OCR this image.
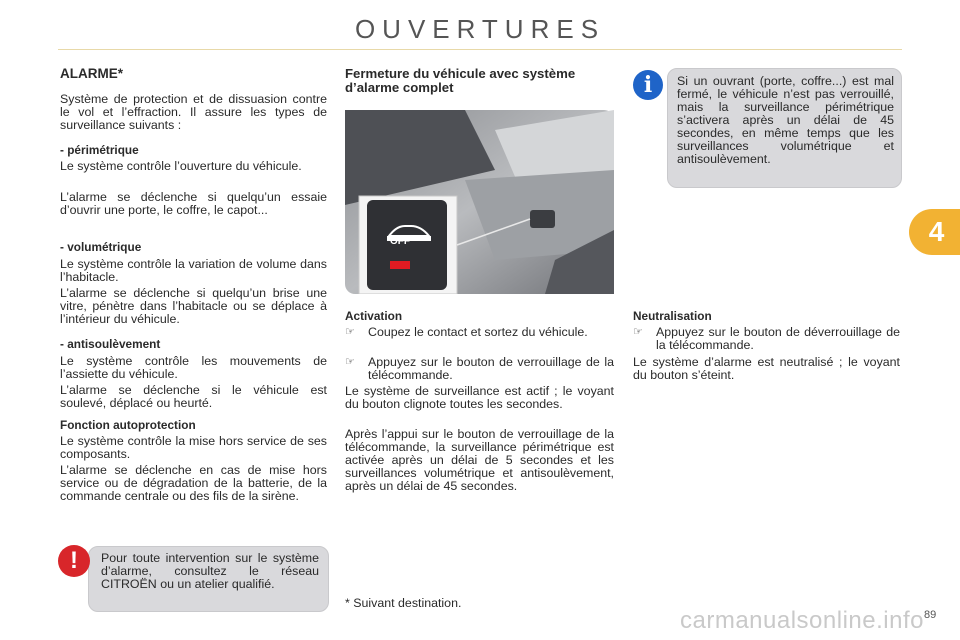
OUVERTURES
4
ALARME*
Système de protection et de dissuasion contre le vol et l’effraction. Il assure les types de surveillance suivants :
- périmétrique
Le système contrôle l’ouverture du véhicule.
L’alarme se déclenche si quelqu’un essaie d’ouvrir une porte, le coffre, le capot...
- volumétrique
Le système contrôle la variation de volume dans l’habitacle.
L’alarme se déclenche si quelqu’un brise une vitre, pénètre dans l’habitacle ou se déplace à l’intérieur du véhicule.
- antisoulèvement
Le système contrôle les mouvements de l’assiette du véhicule.
L’alarme se déclenche si le véhicule est soulevé, déplacé ou heurté.
Fonction autoprotection
Le système contrôle la mise hors service de ses composants.
L’alarme se déclenche en cas de mise hors service ou de dégradation de la batterie, de la commande centrale ou des fils de la sirène.
!	Pour toute intervention sur le système d’alarme, consultez le réseau CITROËN ou un atelier qualifié.
Fermeture du véhicule avec système d’alarme complet
OFF
Activation
☞ Coupez le contact et sortez du véhicule.
☞ Appuyez sur le bouton de verrouillage de la télécommande.
Le système de surveillance est actif ; le voyant du bouton clignote toutes les secondes.
Après l’appui sur le bouton de verrouillage de la télécommande, la surveillance périmétrique est activée après un délai de 5 secondes et les surveillances volumétrique et antisoulèvement, après un délai de 45 secondes.
* Suivant destination.
i	Si un ouvrant (porte, coffre...) est mal fermé, le véhicule n’est pas verrouillé, mais la surveillance périmétrique s’activera après un délai de 45 secondes, en même temps que les surveillances volumétrique et antisoulèvement.
Neutralisation
☞ Appuyez sur le bouton de déverrouillage de la télécommande.
Le système d’alarme est neutralisé ; le voyant du bouton s’éteint.
carmanualsonline.info 89
